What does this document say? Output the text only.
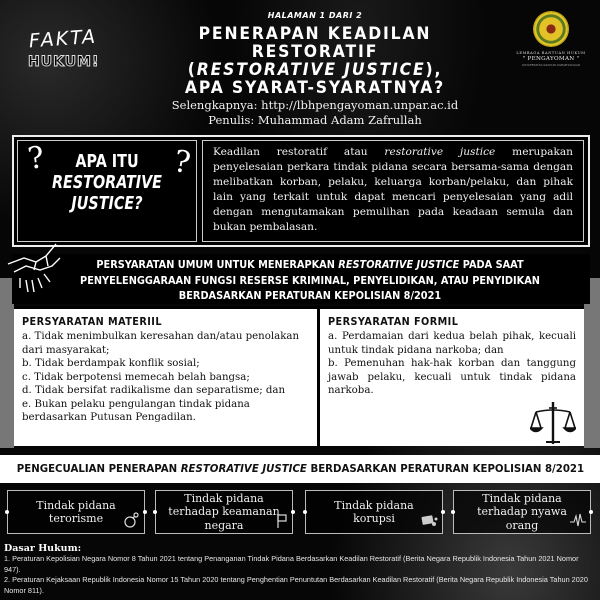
FAKTA
HUKUM!
HALAMAN 1 DARI 2
PENERAPAN KEADILAN RESTORATIF
(RESTORATIVE JUSTICE),
APA SYARAT-SYARATNYA?
Selengkapnya: http://lbhpengayoman.unpar.ac.id
Penulis: Muhammad Adam Zafrullah
LEMBAGA BANTUAN HUKUM
" PENGAYOMAN "
UNIVERSITAS KATOLIK PARAHYANGAN
?	?
APA ITU
RESTORATIVE
JUSTICE?

Keadilan restoratif atau restorative justice merupakan penyelesaian perkara tindak pidana secara bersama-sama dengan melibatkan korban, pelaku, keluarga korban/pelaku, dan pihak lain yang terkait untuk dapat mencari penyelesaian yang adil dengan mengutamakan pemulihan pada keadaan semula dan bukan pembalasan.

PERSYARATAN UMUM UNTUK MENERAPKAN RESTORATIVE JUSTICE PADA SAAT PENYELENGGARAAN FUNGSI RESERSE KRIMINAL, PENYELIDIKAN, ATAU PENYIDIKAN BERDASARKAN PERATURAN KEPOLISIAN 8/2021
PERSYARATAN MATERIIL
a. Tidak menimbulkan keresahan dan/atau penolakan dari masyarakat;
b. Tidak berdampak konflik sosial;
c. Tidak berpotensi memecah belah bangsa;
d. Tidak bersifat radikalisme dan separatisme; dan
e. Bukan pelaku pengulangan tindak pidana berdasarkan Putusan Pengadilan.
PERSYARATAN FORMIL
a. Perdamaian dari kedua belah pihak, kecuali untuk tindak pidana narkoba; dan
b. Pemenuhan hak-hak korban dan tanggung jawab pelaku, kecuali untuk tindak pidana narkoba.
PENGECUALIAN PENERAPAN RESTORATIVE JUSTICE BERDASARKAN PERATURAN KEPOLISIAN 8/2021
Tindak pidana terorisme
Tindak pidana terhadap keamanan negara
Tindak pidana korupsi
Tindak pidana terhadap nyawa orang
Dasar Hukum:
1. Peraturan Kepolisian Negara Nomor 8 Tahun 2021 tentang Penanganan Tindak Pidana Berdasarkan Keadilan Restoratif (Berita Negara Republik Indonesia Tahun 2021 Nomor 947).
2. Peraturan Kejaksaan Republik Indonesia Nomor 15 Tahun 2020 tentang Penghentian Penuntutan Berdasarkan Keadilan Restoratif (Berita Negara Republik Indonesia Tahun 2020 Nomor 811).
